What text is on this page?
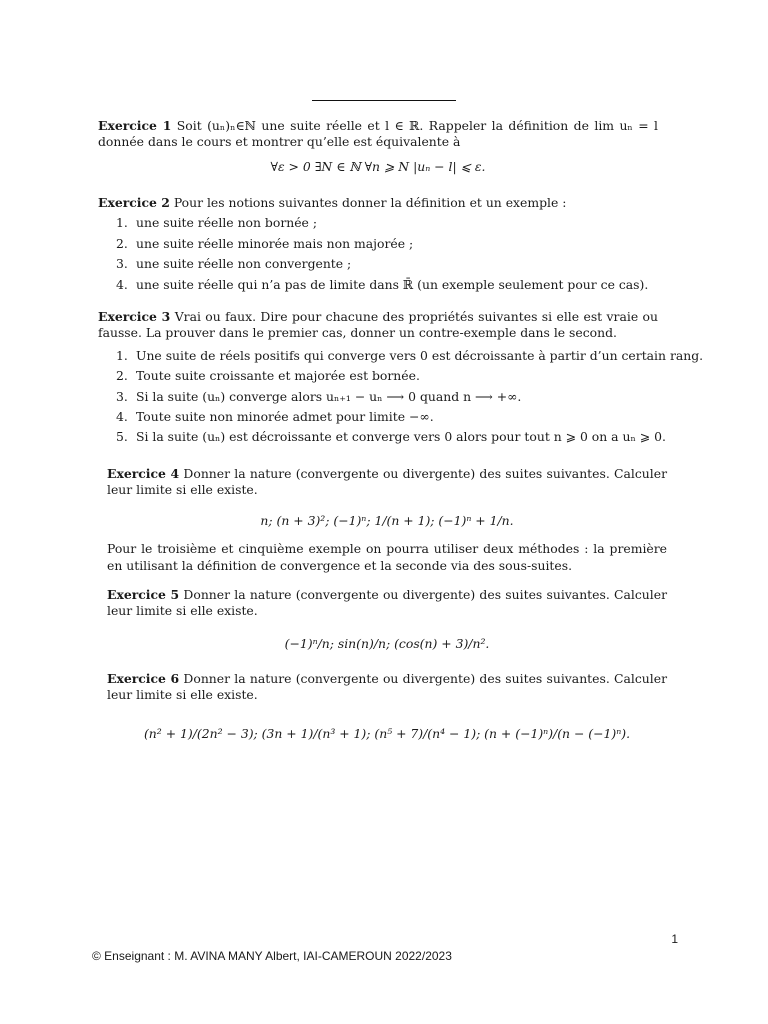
Exercice 1 Soit (uₙ)ₙ∈ℕ une suite réelle et l ∈ ℝ. Rappeler la définition de lim uₙ = l donnée dans le cours et montrer qu’elle est équivalente à

∀ε > 0 ∃N ∈ ℕ ∀n ⩾ N |uₙ − l| ⩽ ε.

Exercice 2 Pour les notions suivantes donner la définition et un exemple :

1. une suite réelle non bornée ;
2. une suite réelle minorée mais non majorée ;
3. une suite réelle non convergente ;
4. une suite réelle qui n’a pas de limite dans ℝ̄ (un exemple seulement pour ce cas).

Exercice 3 Vrai ou faux. Dire pour chacune des propriétés suivantes si elle est vraie ou fausse. La prouver dans le premier cas, donner un contre-exemple dans le second.

1. Une suite de réels positifs qui converge vers 0 est décroissante à partir d’un certain rang.
2. Toute suite croissante et majorée est bornée.
3. Si la suite (uₙ) converge alors uₙ₊₁ − uₙ ⟶ 0 quand n ⟶ +∞.
4. Toute suite non minorée admet pour limite −∞.
5. Si la suite (uₙ) est décroissante et converge vers 0 alors pour tout n ⩾ 0 on a uₙ ⩾ 0.

Exercice 4 Donner la nature (convergente ou divergente) des suites suivantes. Calculer leur limite si elle existe.

n; (n + 3)²; (−1)ⁿ; 1/(n + 1); (−1)ⁿ + 1/n.

Pour le troisième et cinquième exemple on pourra utiliser deux méthodes : la première en utilisant la définition de convergence et la seconde via des sous-suites.

Exercice 5 Donner la nature (convergente ou divergente) des suites suivantes. Calculer leur limite si elle existe.

(−1)ⁿ/n; sin(n)/n; (cos(n) + 3)/n².

Exercice 6 Donner la nature (convergente ou divergente) des suites suivantes. Calculer leur limite si elle existe.

(n² + 1)/(2n² − 3); (3n + 1)/(n³ + 1); (n⁵ + 7)/(n⁴ − 1); (n + (−1)ⁿ)/(n − (−1)ⁿ).

1
© Enseignant : M. AVINA MANY Albert, IAI-CAMEROUN 2022/2023
